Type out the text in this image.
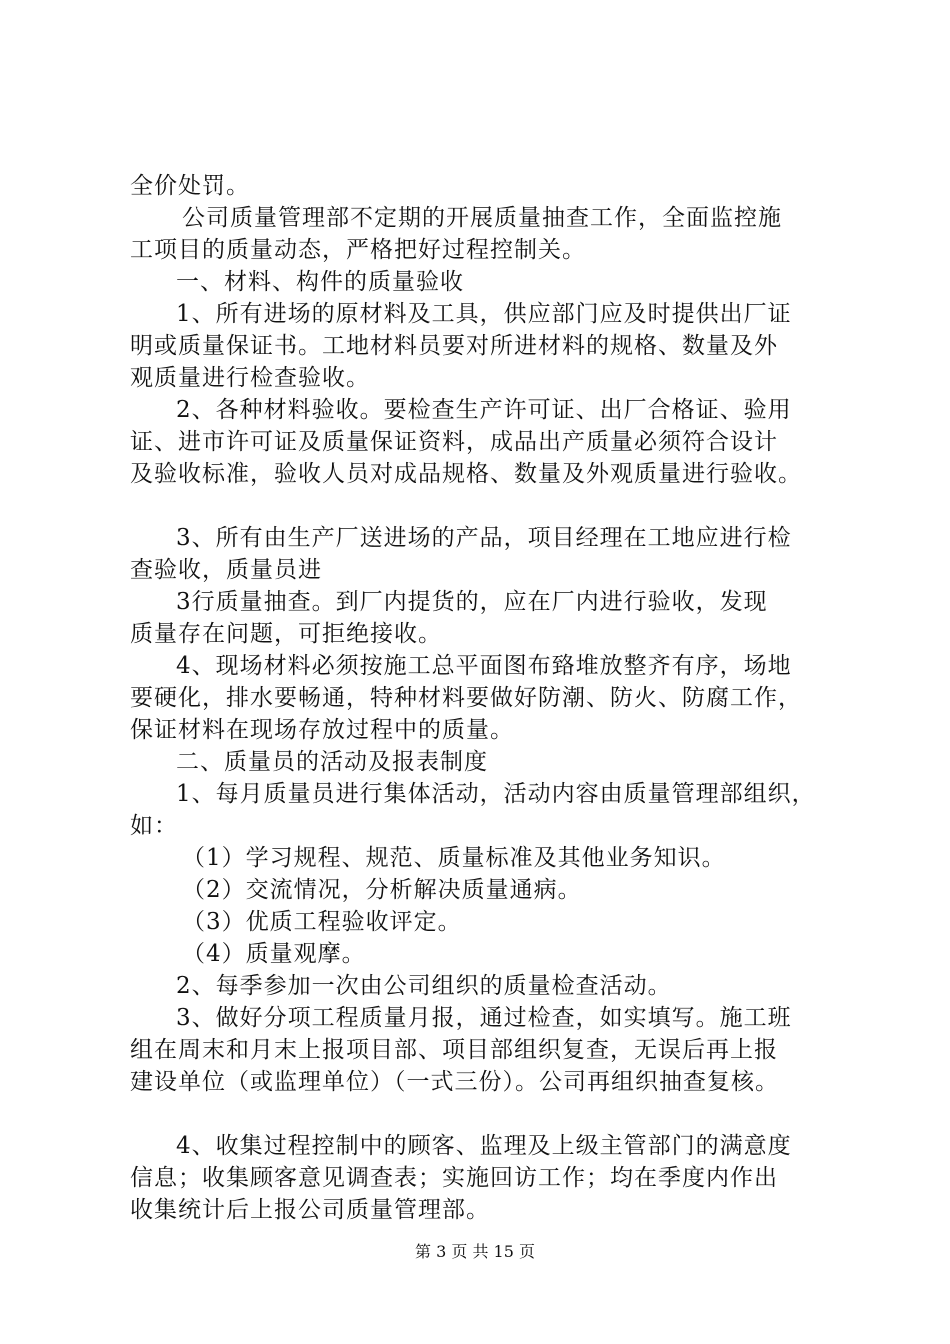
全价处罚。
公司质量管理部不定期的开展质量抽查工作，全面监控施
工项目的质量动态，严格把好过程控制关。
一、材料、构件的质量验收
1、所有进场的原材料及工具，供应部门应及时提供出厂证
明或质量保证书。工地材料员要对所进材料的规格、数量及外
观质量进行检查验收。
2、各种材料验收。要检查生产许可证、出厂合格证、验用
证、进市许可证及质量保证资料，成品出产质量必须符合设计
及验收标准，验收人员对成品规格、数量及外观质量进行验收。
3、所有由生产厂送进场的产品，项目经理在工地应进行检
查验收，质量员进
3行质量抽查。到厂内提货的，应在厂内进行验收，发现
质量存在问题，可拒绝接收。
4、现场材料必须按施工总平面图布臵堆放整齐有序，场地
要硬化，排水要畅通，特种材料要做好防潮、防火、防腐工作，
保证材料在现场存放过程中的质量。
二、质量员的活动及报表制度
1、每月质量员进行集体活动，活动内容由质量管理部组织，
如：
（1）学习规程、规范、质量标准及其他业务知识。
（2）交流情况，分析解决质量通病。
（3）优质工程验收评定。
（4）质量观摩。
2、每季参加一次由公司组织的质量检查活动。
3、做好分项工程质量月报，通过检查，如实填写。施工班
组在周末和月末上报项目部、项目部组织复查，无误后再上报
建设单位（或监理单位）（一式三份）。公司再组织抽查复核。
4、收集过程控制中的顾客、监理及上级主管部门的满意度
信息；收集顾客意见调查表；实施回访工作；均在季度内作出
收集统计后上报公司质量管理部。
第 3 页 共 15 页
